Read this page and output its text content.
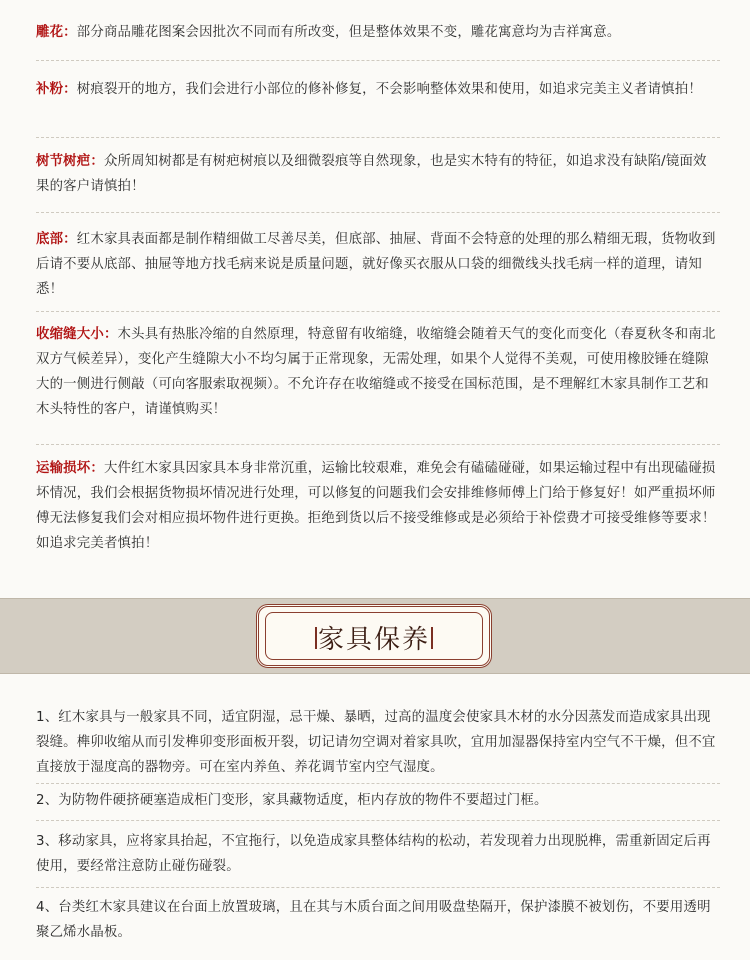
雕花：部分商品雕花图案会因批次不同而有所改变，但是整体效果不变，雕花寓意均为吉祥寓意。
补粉：树痕裂开的地方，我们会进行小部位的修补修复，不会影响整体效果和使用，如追求完美主义者请慎拍！
树节树疤：众所周知树都是有树疤树痕以及细微裂痕等自然现象，也是实木特有的特征，如追求没有缺陷/镜面效果的客户请慎拍！
底部：红木家具表面都是制作精细做工尽善尽美，但底部、抽屉、背面不会特意的处理的那么精细无瑕，货物收到后请不要从底部、抽屉等地方找毛病来说是质量问题，就好像买衣服从口袋的细微线头找毛病一样的道理，请知悉！
收缩缝大小：木头具有热胀冷缩的自然原理，特意留有收缩缝，收缩缝会随着天气的变化而变化（春夏秋冬和南北双方气候差异），变化产生缝隙大小不均匀属于正常现象，无需处理，如果个人觉得不美观，可使用橡胶锤在缝隙大的一侧进行侧敲（可向客服索取视频）。不允许存在收缩缝或不接受在国标范围，是不理解红木家具制作工艺和木头特性的客户，请谨慎购买！
运输损坏：大件红木家具因家具本身非常沉重，运输比较艰难，难免会有磕磕碰碰，如果运输过程中有出现磕碰损坏情况，我们会根据货物损坏情况进行处理，可以修复的问题我们会安排维修师傅上门给于修复好！如严重损坏师傅无法修复我们会对相应损坏物件进行更换。拒绝到货以后不接受维修或是必须给于补偿费才可接受维修等要求！如追求完美者慎拍！
家具保养
1、红木家具与一般家具不同，适宜阴湿，忌干燥、暴晒，过高的温度会使家具木材的水分因蒸发而造成家具出现裂缝。榫卯收缩从而引发榫卯变形面板开裂，切记请勿空调对着家具吹，宜用加湿器保持室内空气不干燥，但不宜直接放于湿度高的器物旁。可在室内养鱼、养花调节室内空气湿度。
2、为防物件硬挤硬塞造成柜门变形，家具藏物适度，柜内存放的物件不要超过门框。
3、移动家具，应将家具抬起，不宜拖行，以免造成家具整体结构的松动，若发现着力出现脱榫，需重新固定后再使用，要经常注意防止碰伤碰裂。
4、台类红木家具建议在台面上放置玻璃，且在其与木质台面之间用吸盘垫隔开，保护漆膜不被划伤，不要用透明聚乙烯水晶板。
